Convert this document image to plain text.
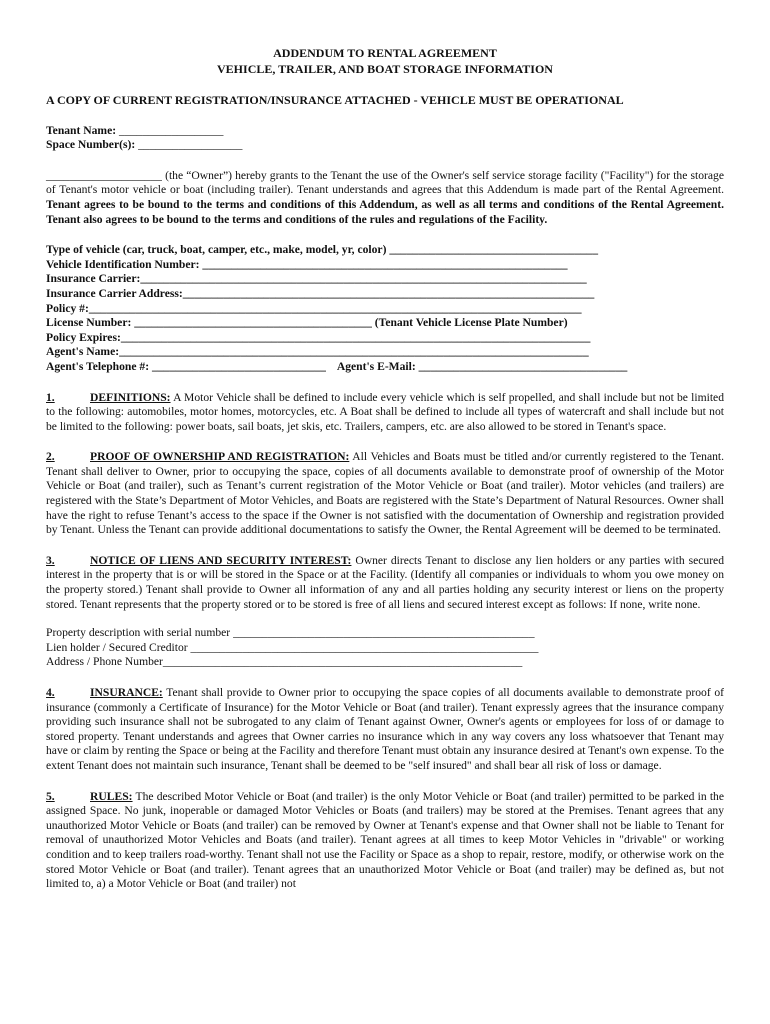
ADDENDUM TO RENTAL AGREEMENT
VEHICLE, TRAILER, AND BOAT STORAGE INFORMATION
A COPY OF CURRENT REGISTRATION/INSURANCE ATTACHED - VEHICLE MUST BE OPERATIONAL
Tenant Name: __________________
Space Number(s): __________________

____________________ (the “Owner”) hereby grants to the Tenant the use of the Owner's self service storage facility ("Facility") for the storage of Tenant's motor vehicle or boat (including trailer). Tenant understands and agrees that this Addendum is made part of the Rental Agreement. Tenant agrees to be bound to the terms and conditions of this Addendum, as well as all terms and conditions of the Rental Agreement. Tenant also agrees to be bound to the terms and conditions of the rules and regulations of the Facility.

Type of vehicle (car, truck, boat, camper, etc., make, model, yr, color) ____________________________________
Vehicle Identification Number: _______________________________________________________________
Insurance Carrier:_____________________________________________________________________________
Insurance Carrier Address:_______________________________________________________________________
Policy #:_____________________________________________________________________________________
License Number: _________________________________________ (Tenant Vehicle License Plate Number)
Policy Expires:_________________________________________________________________________________
Agent's Name:_________________________________________________________________________________
Agent's Telephone #: ______________________________    Agent's E-Mail: ____________________________________

1.	DEFINITIONS: A Motor Vehicle shall be defined to include every vehicle which is self propelled, and shall include but not be limited to the following: automobiles, motor homes, motorcycles, etc. A Boat shall be defined to include all types of watercraft and shall include but not be limited to the following: power boats, sail boats, jet skis, etc. Trailers, campers, etc. are also allowed to be stored in Tenant's space.

2.	PROOF OF OWNERSHIP AND REGISTRATION: All Vehicles and Boats must be titled and/or currently registered to the Tenant. Tenant shall deliver to Owner, prior to occupying the space, copies of all documents available to demonstrate proof of ownership of the Motor Vehicle or Boat (and trailer), such as Tenant’s current registration of the Motor Vehicle or Boat (and trailer). Motor vehicles (and trailers) are registered with the State’s Department of Motor Vehicles, and Boats are registered with the State’s Department of Natural Resources. Owner shall have the right to refuse Tenant’s access to the space if the Owner is not satisfied with the documentation of Ownership and registration provided by Tenant. Unless the Tenant can provide additional documentations to satisfy the Owner, the Rental Agreement will be deemed to be terminated.

3.	NOTICE OF LIENS AND SECURITY INTEREST: Owner directs Tenant to disclose any lien holders or any parties with secured interest in the property that is or will be stored in the Space or at the Facility. (Identify all companies or individuals to whom you owe money on the property stored.) Tenant shall provide to Owner all information of any and all parties holding any security interest or liens on the property stored. Tenant represents that the property stored or to be stored is free of all liens and secured interest except as follows: If none, write none.

Property description with serial number ____________________________________________________
Lien holder / Secured Creditor ____________________________________________________________
Address / Phone Number______________________________________________________________

4.	INSURANCE: Tenant shall provide to Owner prior to occupying the space copies of all documents available to demonstrate proof of insurance (commonly a Certificate of Insurance) for the Motor Vehicle or Boat (and trailer). Tenant expressly agrees that the insurance company providing such insurance shall not be subrogated to any claim of Tenant against Owner, Owner's agents or employees for loss of or damage to stored property. Tenant understands and agrees that Owner carries no insurance which in any way covers any loss whatsoever that Tenant may have or claim by renting the Space or being at the Facility and therefore Tenant must obtain any insurance desired at Tenant's own expense. To the extent Tenant does not maintain such insurance, Tenant shall be deemed to be "self insured" and shall bear all risk of loss or damage.

5.	RULES: The described Motor Vehicle or Boat (and trailer) is the only Motor Vehicle or Boat (and trailer) permitted to be parked in the assigned Space. No junk, inoperable or damaged Motor Vehicles or Boats (and trailers) may be stored at the Premises. Tenant agrees that any unauthorized Motor Vehicle or Boats (and trailer) can be removed by Owner at Tenant's expense and that Owner shall not be liable to Tenant for removal of unauthorized Motor Vehicles and Boats (and trailer). Tenant agrees at all times to keep Motor Vehicles in "drivable" or working condition and to keep trailers road-worthy. Tenant shall not use the Facility or Space as a shop to repair, restore, modify, or otherwise work on the stored Motor Vehicle or Boat (and trailer). Tenant agrees that an unauthorized Motor Vehicle or Boat (and trailer) may be defined as, but not limited to, a) a Motor Vehicle or Boat (and trailer) not
